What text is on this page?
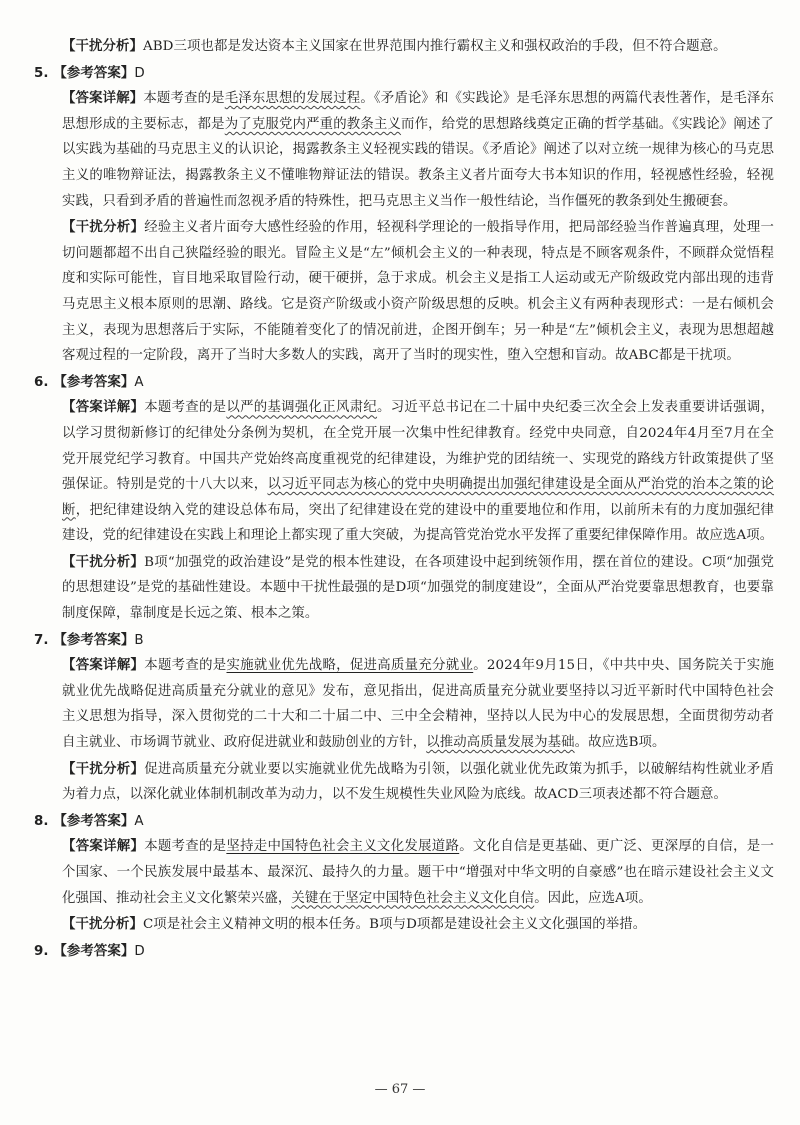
【干扰分析】ABD三项也都是发达资本主义国家在世界范围内推行霸权主义和强权政治的手段，但不符合题意。

5. 【参考答案】D

【答案详解】本题考查的是毛泽东思想的发展过程。《矛盾论》和《实践论》是毛泽东思想的两篇代表性著作，是毛泽东思想形成的主要标志，都是为了克服党内严重的教条主义而作，给党的思想路线奠定正确的哲学基础。《实践论》阐述了以实践为基础的马克思主义的认识论，揭露教条主义轻视实践的错误。《矛盾论》阐述了以对立统一规律为核心的马克思主义的唯物辩证法，揭露教条主义不懂唯物辩证法的错误。教条主义者片面夸大书本知识的作用，轻视感性经验，轻视实践，只看到矛盾的普遍性而忽视矛盾的特殊性，把马克思主义当作一般性结论，当作僵死的教条到处生搬硬套。

【干扰分析】经验主义者片面夸大感性经验的作用，轻视科学理论的一般指导作用，把局部经验当作普遍真理，处理一切问题都超不出自己狭隘经验的眼光。冒险主义是“左”倾机会主义的一种表现，特点是不顾客观条件，不顾群众觉悟程度和实际可能性，盲目地采取冒险行动，硬干硬拼，急于求成。机会主义是指工人运动或无产阶级政党内部出现的违背马克思主义根本原则的思潮、路线。它是资产阶级或小资产阶级思想的反映。机会主义有两种表现形式：一是右倾机会主义，表现为思想落后于实际，不能随着变化了的情况前进，企图开倒车；另一种是“左”倾机会主义，表现为思想超越客观过程的一定阶段，离开了当时大多数人的实践，离开了当时的现实性，堕入空想和盲动。故ABC都是干扰项。

6. 【参考答案】A

【答案详解】本题考查的是以严的基调强化正风肃纪。习近平总书记在二十届中央纪委三次全会上发表重要讲话强调，以学习贯彻新修订的纪律处分条例为契机，在全党开展一次集中性纪律教育。经党中央同意，自2024年4月至7月在全党开展党纪学习教育。中国共产党始终高度重视党的纪律建设，为维护党的团结统一、实现党的路线方针政策提供了坚强保证。特别是党的十八大以来，以习近平同志为核心的党中央明确提出加强纪律建设是全面从严治党的治本之策的论断，把纪律建设纳入党的建设总体布局，突出了纪律建设在党的建设中的重要地位和作用，以前所未有的力度加强纪律建设，党的纪律建设在实践上和理论上都实现了重大突破，为提高管党治党水平发挥了重要纪律保障作用。故应选A项。

【干扰分析】B项“加强党的政治建设”是党的根本性建设，在各项建设中起到统领作用，摆在首位的建设。C项“加强党的思想建设”是党的基础性建设。本题中干扰性最强的是D项“加强党的制度建设”，全面从严治党要靠思想教育，也要靠制度保障，靠制度是长远之策、根本之策。

7. 【参考答案】B

【答案详解】本题考查的是实施就业优先战略，促进高质量充分就业。2024年9月15日，《中共中央、国务院关于实施就业优先战略促进高质量充分就业的意见》发布，意见指出，促进高质量充分就业要坚持以习近平新时代中国特色社会主义思想为指导，深入贯彻党的二十大和二十届二中、三中全会精神，坚持以人民为中心的发展思想，全面贯彻劳动者自主就业、市场调节就业、政府促进就业和鼓励创业的方针，以推动高质量发展为基础。故应选B项。

【干扰分析】促进高质量充分就业要以实施就业优先战略为引领，以强化就业优先政策为抓手，以破解结构性就业矛盾为着力点，以深化就业体制机制改革为动力，以不发生规模性失业风险为底线。故ACD三项表述都不符合题意。

8. 【参考答案】A

【答案详解】本题考查的是坚持走中国特色社会主义文化发展道路。文化自信是更基础、更广泛、更深厚的自信，是一个国家、一个民族发展中最基本、最深沉、最持久的力量。题干中“增强对中华文明的自豪感”也在暗示建设社会主义文化强国、推动社会主义文化繁荣兴盛，关键在于坚定中国特色社会主义文化自信。因此，应选A项。

【干扰分析】C项是社会主义精神文明的根本任务。B项与D项都是建设社会主义文化强国的举措。

9. 【参考答案】D

— 67 —
